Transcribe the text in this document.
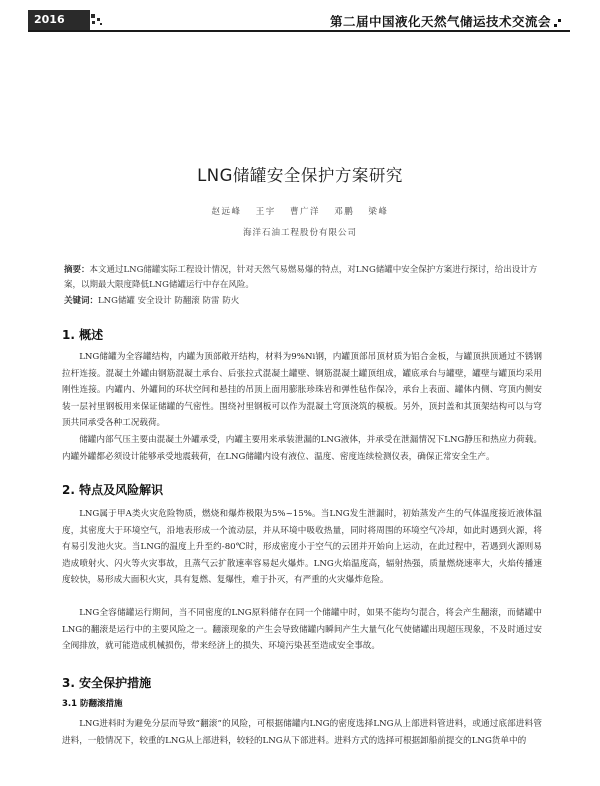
2016	第二届中国液化天然气储运技术交流会
LNG储罐安全保护方案研究
赵远峰 王宇 曹广洋 邓鹏 梁峰
海洋石油工程股份有限公司
摘要：本文通过LNG储罐实际工程设计情况，针对天然气易燃易爆的特点，对LNG储罐中安全保护方案进行探讨，给出设计方案，以期最大限度降低LNG储罐运行中存在风险。
关键词：LNG储罐 安全设计 防翻滚 防雷 防火
1. 概述
LNG储罐为全容罐结构，内罐为顶部敞开结构，材料为9%Ni钢，内罐顶部吊顶材质为铝合金板，与罐顶拱顶通过不锈钢拉杆连接。混凝土外罐由钢筋混凝土承台、后张拉式混凝土罐壁、钢筋混凝土罐顶组成，罐底承台与罐壁，罐壁与罐顶均采用刚性连接。内罐内、外罐间的环状空间和悬挂的吊顶上面用膨胀珍珠岩和弹性毡作保冷，承台上表面、罐体内侧、穹顶内侧安装一层衬里钢板用来保证储罐的气密性。围绕衬里钢板可以作为混凝土穹顶浇筑的模板。另外，顶封盖和其顶架结构可以与穹顶共同承受各种工况载荷。
储罐内部气压主要由混凝土外罐承受，内罐主要用来承装泄漏的LNG液体，并承受在泄漏情况下LNG静压和热应力荷载。内罐外罐都必须设计能够承受地震载荷，在LNG储罐内设有液位、温度、密度连续检测仪表，确保正常安全生产。
2. 特点及风险解识
LNG属于甲A类火灾危险物质，燃烧和爆炸极限为5%~15%。当LNG发生泄漏时，初始蒸发产生的气体温度接近液体温度，其密度大于环境空气，沿地表形成一个流动层，并从环境中吸收热量，同时将周围的环境空气冷却，如此时遇到火源，将有易引发池火灾。当LNG的温度上升至约-80℃时，形成密度小于空气的云团并开始向上运动，在此过程中，若遇到火源则易造成喷射火、闪火等火灾事故，且蒸气云扩散速率容易起火爆炸。LNG火焰温度高，辐射热强，质量燃烧速率大，火焰传播速度较快，易形成大面积火灾，具有复燃、复爆性，难于扑灭，有严重的火灾爆炸危险。
LNG全容储罐运行期间，当不同密度的LNG原料储存在同一个储罐中时，如果不能均匀混合，将会产生翻滚，而储罐中LNG的翻滚是运行中的主要风险之一。翻滚现象的产生会导致储罐内瞬间产生大量气化气使储罐出现超压现象，不及时通过安全阀排放，就可能造成机械损伤，带来经济上的损失、环境污染甚至造成安全事故。
3. 安全保护措施
3.1 防翻滚措施
LNG进料时为避免分层而导致“翻滚”的风险，可根据储罐内LNG的密度选择LNG从上部进料管进料，或通过底部进料管进料，一般情况下，较重的LNG从上部进料，较轻的LNG从下部进料。进料方式的选择可根据卸船前提交的LNG货单中的
